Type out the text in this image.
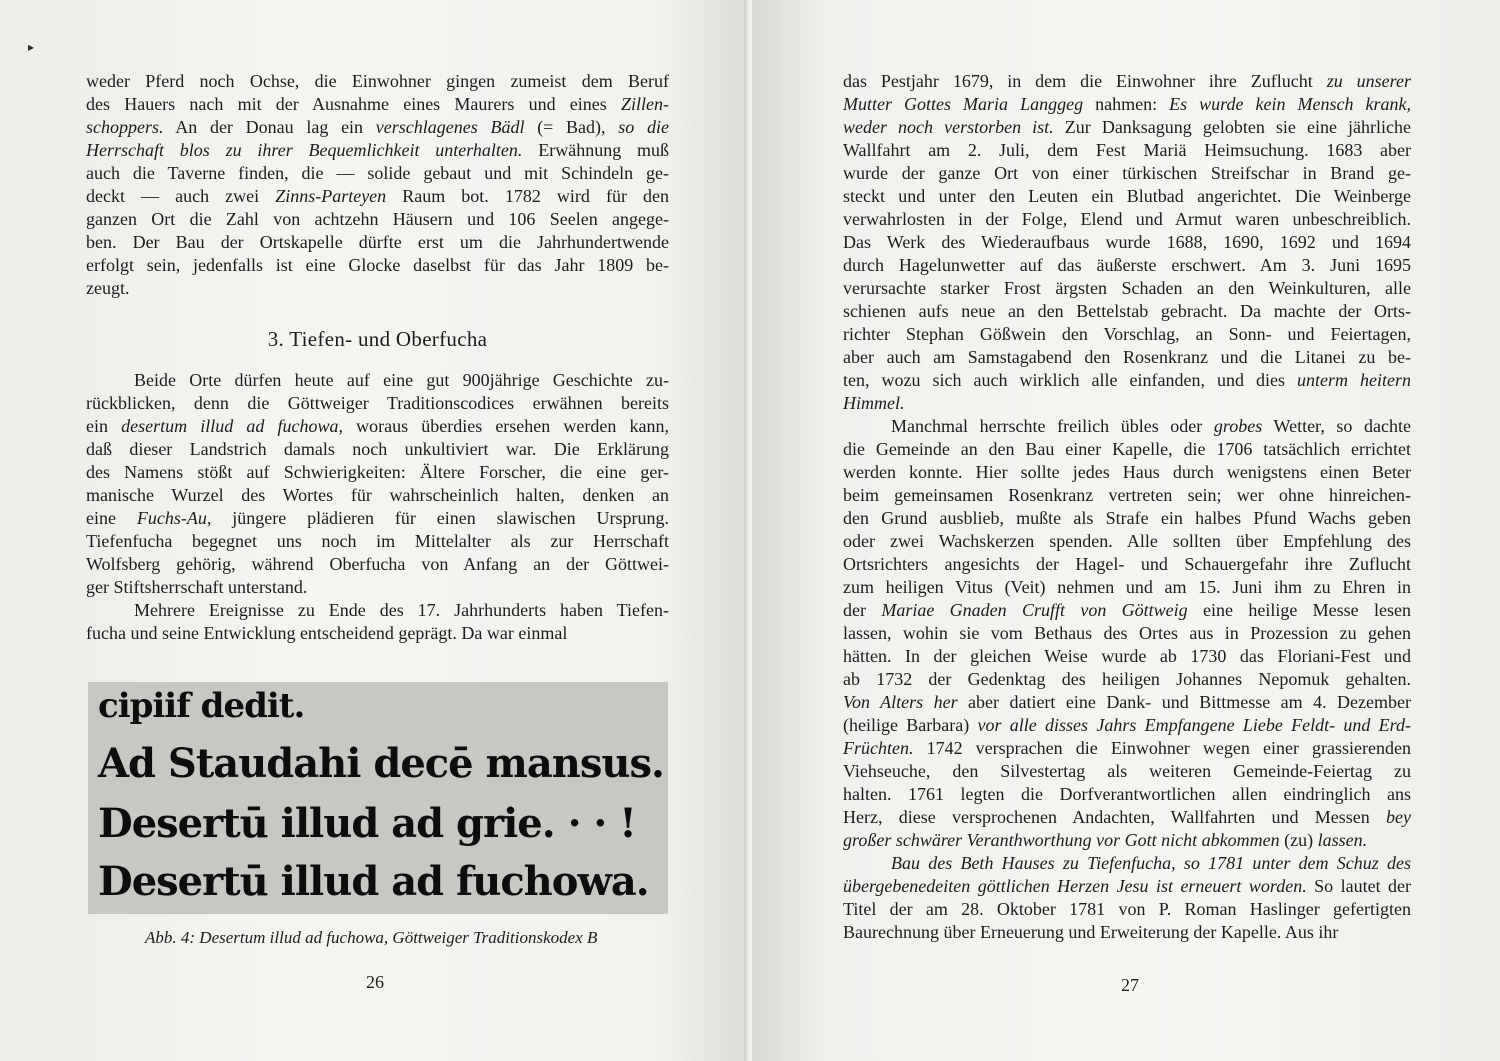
▸
weder Pferd noch Ochse, die Einwohner gingen zumeist dem Beruf
des Hauers nach mit der Ausnahme eines Maurers und eines Zillen-
schoppers. An der Donau lag ein verschlagenes Bädl (= Bad), so die
Herrschaft blos zu ihrer Bequemlichkeit unterhalten. Erwähnung muß
auch die Taverne finden, die — solide gebaut und mit Schindeln ge-
deckt — auch zwei Zinns-Parteyen Raum bot. 1782 wird für den
ganzen Ort die Zahl von achtzehn Häusern und 106 Seelen angege-
ben. Der Bau der Ortskapelle dürfte erst um die Jahrhundertwende
erfolgt sein, jedenfalls ist eine Glocke daselbst für das Jahr 1809 be-
zeugt.
3. Tiefen- und Oberfucha
Beide Orte dürfen heute auf eine gut 900jährige Geschichte zu-
rückblicken, denn die Göttweiger Traditionscodices erwähnen bereits
ein desertum illud ad fuchowa, woraus überdies ersehen werden kann,
daß dieser Landstrich damals noch unkultiviert war. Die Erklärung
des Namens stößt auf Schwierigkeiten: Ältere Forscher, die eine ger-
manische Wurzel des Wortes für wahrscheinlich halten, denken an
eine Fuchs-Au, jüngere plädieren für einen slawischen Ursprung.
Tiefenfucha begegnet uns noch im Mittelalter als zur Herrschaft
Wolfsberg gehörig, während Oberfucha von Anfang an der Göttwei-
ger Stiftsherrschaft unterstand.
Mehrere Ereignisse zu Ende des 17. Jahrhunderts haben Tiefen-
fucha und seine Entwicklung entscheidend geprägt. Da war einmal
cipiif dedit.
Ad Staudahi decē mansus.
Desertū illud ad grie. · · !
Desertū illud ad fuchowa.
Abb. 4: Desertum illud ad fuchowa, Göttweiger Traditionskodex B
26
das Pestjahr 1679, in dem die Einwohner ihre Zuflucht zu unserer
Mutter Gottes Maria Langgeg nahmen: Es wurde kein Mensch krank,
weder noch verstorben ist. Zur Danksagung gelobten sie eine jährliche
Wallfahrt am 2. Juli, dem Fest Mariä Heimsuchung. 1683 aber
wurde der ganze Ort von einer türkischen Streifschar in Brand ge-
steckt und unter den Leuten ein Blutbad angerichtet. Die Weinberge
verwahrlosten in der Folge, Elend und Armut waren unbeschreiblich.
Das Werk des Wiederaufbaus wurde 1688, 1690, 1692 und 1694
durch Hagelunwetter auf das äußerste erschwert. Am 3. Juni 1695
verursachte starker Frost ärgsten Schaden an den Weinkulturen, alle
schienen aufs neue an den Bettelstab gebracht. Da machte der Orts-
richter Stephan Gößwein den Vorschlag, an Sonn- und Feiertagen,
aber auch am Samstagabend den Rosenkranz und die Litanei zu be-
ten, wozu sich auch wirklich alle einfanden, und dies unterm heitern
Himmel.
Manchmal herrschte freilich übles oder grobes Wetter, so dachte
die Gemeinde an den Bau einer Kapelle, die 1706 tatsächlich errichtet
werden konnte. Hier sollte jedes Haus durch wenigstens einen Beter
beim gemeinsamen Rosenkranz vertreten sein; wer ohne hinreichen-
den Grund ausblieb, mußte als Strafe ein halbes Pfund Wachs geben
oder zwei Wachskerzen spenden. Alle sollten über Empfehlung des
Ortsrichters angesichts der Hagel- und Schauergefahr ihre Zuflucht
zum heiligen Vitus (Veit) nehmen und am 15. Juni ihm zu Ehren in
der Mariae Gnaden Crufft von Göttweig eine heilige Messe lesen
lassen, wohin sie vom Bethaus des Ortes aus in Prozession zu gehen
hätten. In der gleichen Weise wurde ab 1730 das Floriani-Fest und
ab 1732 der Gedenktag des heiligen Johannes Nepomuk gehalten.
Von Alters her aber datiert eine Dank- und Bittmesse am 4. Dezember
(heilige Barbara) vor alle disses Jahrs Empfangene Liebe Feldt- und Erd-
Früchten. 1742 versprachen die Einwohner wegen einer grassierenden
Viehseuche, den Silvestertag als weiteren Gemeinde-Feiertag zu
halten. 1761 legten die Dorfverantwortlichen allen eindringlich ans
Herz, diese versprochenen Andachten, Wallfahrten und Messen bey
großer schwärer Veranthworthung vor Gott nicht abkommen (zu) lassen.
Bau des Beth Hauses zu Tiefenfucha, so 1781 unter dem Schuz des
übergebenedeiten göttlichen Herzen Jesu ist erneuert worden. So lautet der
Titel der am 28. Oktober 1781 von P. Roman Haslinger gefertigten
Baurechnung über Erneuerung und Erweiterung der Kapelle. Aus ihr
27
